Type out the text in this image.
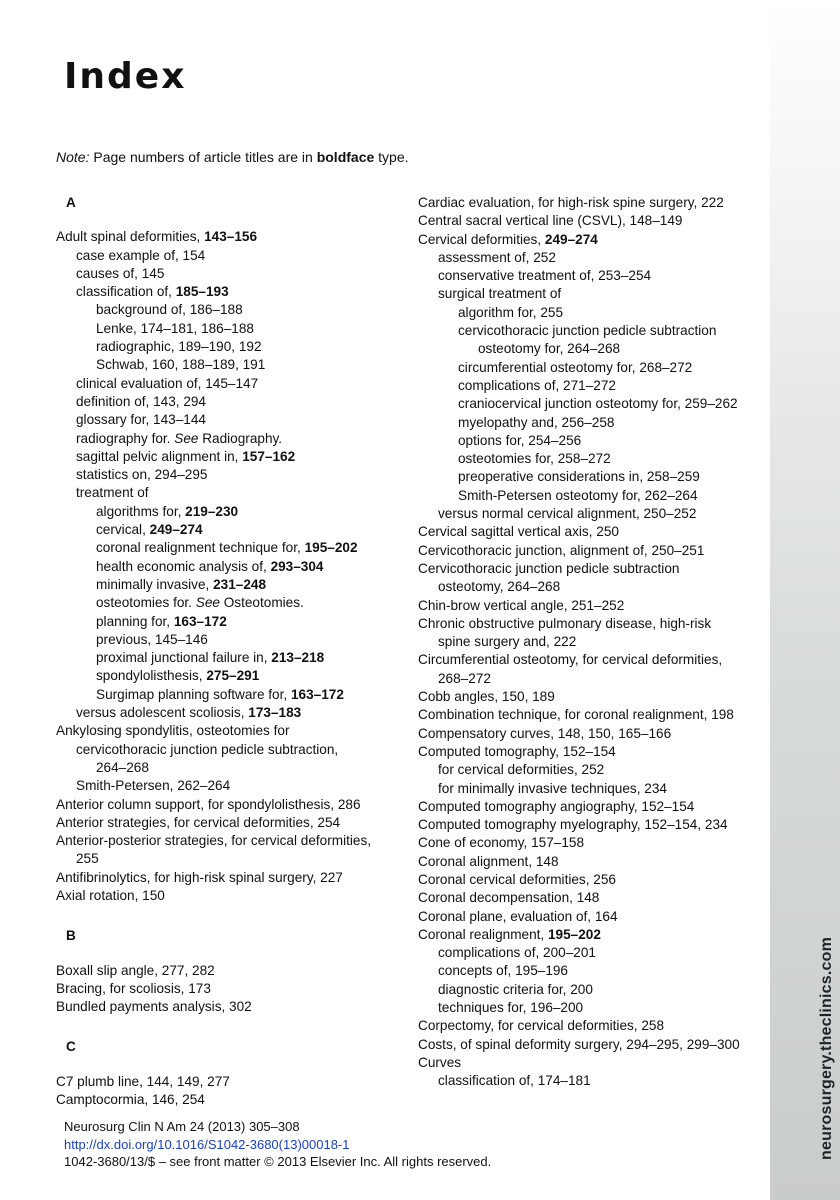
neurosurgery.theclinics.com
Index
Note: Page numbers of article titles are in boldface type.
A
Adult spinal deformities, 143–156
case example of, 154
causes of, 145
classification of, 185–193
background of, 186–188
Lenke, 174–181, 186–188
radiographic, 189–190, 192
Schwab, 160, 188–189, 191
clinical evaluation of, 145–147
definition of, 143, 294
glossary for, 143–144
radiography for. See Radiography.
sagittal pelvic alignment in, 157–162
statistics on, 294–295
treatment of
algorithms for, 219–230
cervical, 249–274
coronal realignment technique for, 195–202
health economic analysis of, 293–304
minimally invasive, 231–248
osteotomies for. See Osteotomies.
planning for, 163–172
previous, 145–146
proximal junctional failure in, 213–218
spondylolisthesis, 275–291
Surgimap planning software for, 163–172
versus adolescent scoliosis, 173–183
Ankylosing spondylitis, osteotomies for
cervicothoracic junction pedicle subtraction,
264–268
Smith-Petersen, 262–264
Anterior column support, for spondylolisthesis, 286
Anterior strategies, for cervical deformities, 254
Anterior-posterior strategies, for cervical deformities,
255
Antifibrinolytics, for high-risk spinal surgery, 227
Axial rotation, 150
B
Boxall slip angle, 277, 282
Bracing, for scoliosis, 173
Bundled payments analysis, 302
C
C7 plumb line, 144, 149, 277
Camptocormia, 146, 254
Cardiac evaluation, for high-risk spine surgery, 222
Central sacral vertical line (CSVL), 148–149
Cervical deformities, 249–274
assessment of, 252
conservative treatment of, 253–254
surgical treatment of
algorithm for, 255
cervicothoracic junction pedicle subtraction
osteotomy for, 264–268
circumferential osteotomy for, 268–272
complications of, 271–272
craniocervical junction osteotomy for, 259–262
myelopathy and, 256–258
options for, 254–256
osteotomies for, 258–272
preoperative considerations in, 258–259
Smith-Petersen osteotomy for, 262–264
versus normal cervical alignment, 250–252
Cervical sagittal vertical axis, 250
Cervicothoracic junction, alignment of, 250–251
Cervicothoracic junction pedicle subtraction
osteotomy, 264–268
Chin-brow vertical angle, 251–252
Chronic obstructive pulmonary disease, high-risk
spine surgery and, 222
Circumferential osteotomy, for cervical deformities,
268–272
Cobb angles, 150, 189
Combination technique, for coronal realignment, 198
Compensatory curves, 148, 150, 165–166
Computed tomography, 152–154
for cervical deformities, 252
for minimally invasive techniques, 234
Computed tomography angiography, 152–154
Computed tomography myelography, 152–154, 234
Cone of economy, 157–158
Coronal alignment, 148
Coronal cervical deformities, 256
Coronal decompensation, 148
Coronal plane, evaluation of, 164
Coronal realignment, 195–202
complications of, 200–201
concepts of, 195–196
diagnostic criteria for, 200
techniques for, 196–200
Corpectomy, for cervical deformities, 258
Costs, of spinal deformity surgery, 294–295, 299–300
Curves
classification of, 174–181
Neurosurg Clin N Am 24 (2013) 305–308
http://dx.doi.org/10.1016/S1042-3680(13)00018-1
1042-3680/13/$ – see front matter © 2013 Elsevier Inc. All rights reserved.
